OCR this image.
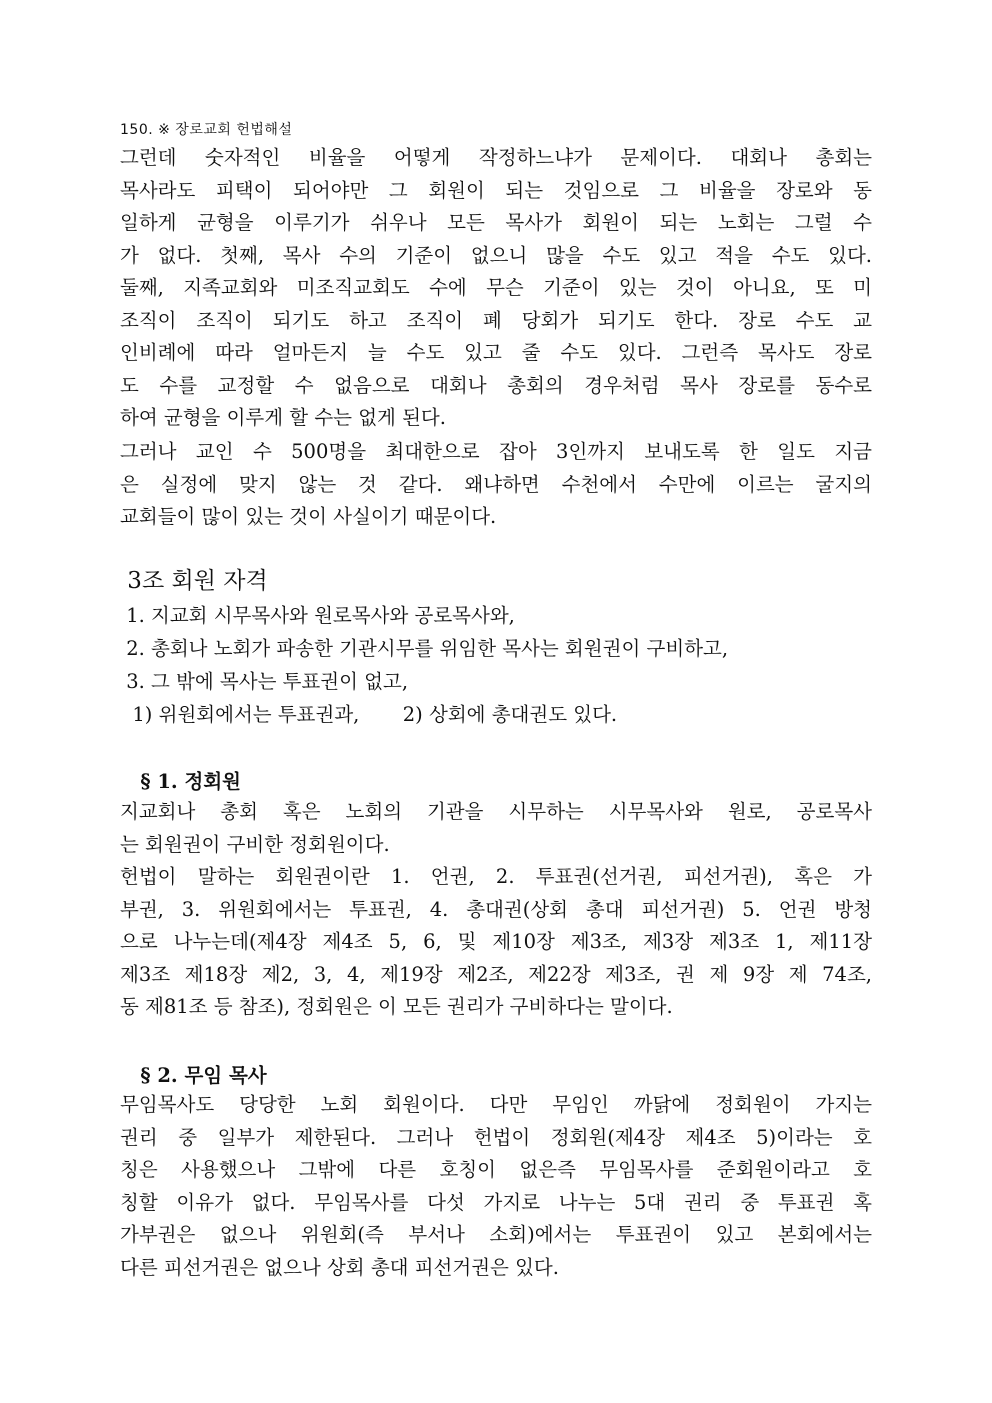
150. ※ 장로교회 헌법해설

그런데 숫자적인 비율을 어떻게 작정하느냐가 문제이다. 대회나 총회는

목사라도 피택이 되어야만 그 회원이 되는 것임으로 그 비율을 장로와 동

일하게 균형을 이루기가 쉬우나 모든 목사가 회원이 되는 노회는 그럴 수

가 없다. 첫째, 목사 수의 기준이 없으니 많을 수도 있고 적을 수도 있다.

둘째, 지족교회와 미조직교회도 수에 무슨 기준이 있는 것이 아니요, 또 미

조직이 조직이 되기도 하고 조직이 폐 당회가 되기도 한다. 장로 수도 교

인비례에 따라 얼마든지 늘 수도 있고 줄 수도 있다. 그런즉 목사도 장로

도 수를 교정할 수 없음으로 대회나 총회의 경우처럼 목사 장로를 동수로

하여 균형을 이루게 할 수는 없게 된다.

그러나 교인 수 500명을 최대한으로 잡아 3인까지 보내도록 한 일도 지금

은 실정에 맞지 않는 것 같다. 왜냐하면 수천에서 수만에 이르는 굴지의

교회들이 많이 있는 것이 사실이기 때문이다.

3조 회원 자격
1. 지교회 시무목사와 원로목사와 공로목사와,
2. 총회나 노회가 파송한 기관시무를 위임한 목사는 회원권이 구비하고,
3. 그 밖에 목사는 투표권이 없고,
1) 위원회에서는 투표권과,       2) 상회에 총대권도 있다.
§ 1. 정회원

지교회나 총회 혹은 노회의 기관을 시무하는 시무목사와 원로, 공로목사

는 회원권이 구비한 정회원이다.

헌법이 말하는 회원권이란 1. 언권, 2. 투표권(선거권, 피선거권), 혹은 가

부권, 3. 위원회에서는 투표권, 4. 총대권(상회 총대 피선거권) 5. 언권 방청

으로 나누는데(제4장 제4조 5, 6, 및 제10장 제3조, 제3장 제3조 1, 제11장

제3조 제18장 제2, 3, 4, 제19장 제2조, 제22장 제3조, 권 제 9장 제 74조,

동 제81조 등 참조), 정회원은 이 모든 권리가 구비하다는 말이다.

§ 2. 무임 목사

무임목사도 당당한 노회 회원이다. 다만 무임인 까닭에 정회원이 가지는

권리 중 일부가 제한된다. 그러나 헌법이 정회원(제4장 제4조 5)이라는 호

칭은 사용했으나 그밖에 다른 호칭이 없은즉 무임목사를 준회원이라고 호

칭할 이유가 없다. 무임목사를 다섯 가지로 나누는 5대 권리 중 투표권 혹

가부권은 없으나 위원회(즉 부서나 소회)에서는 투표권이 있고 본회에서는

다른 피선거권은 없으나 상회 총대 피선거권은 있다.
